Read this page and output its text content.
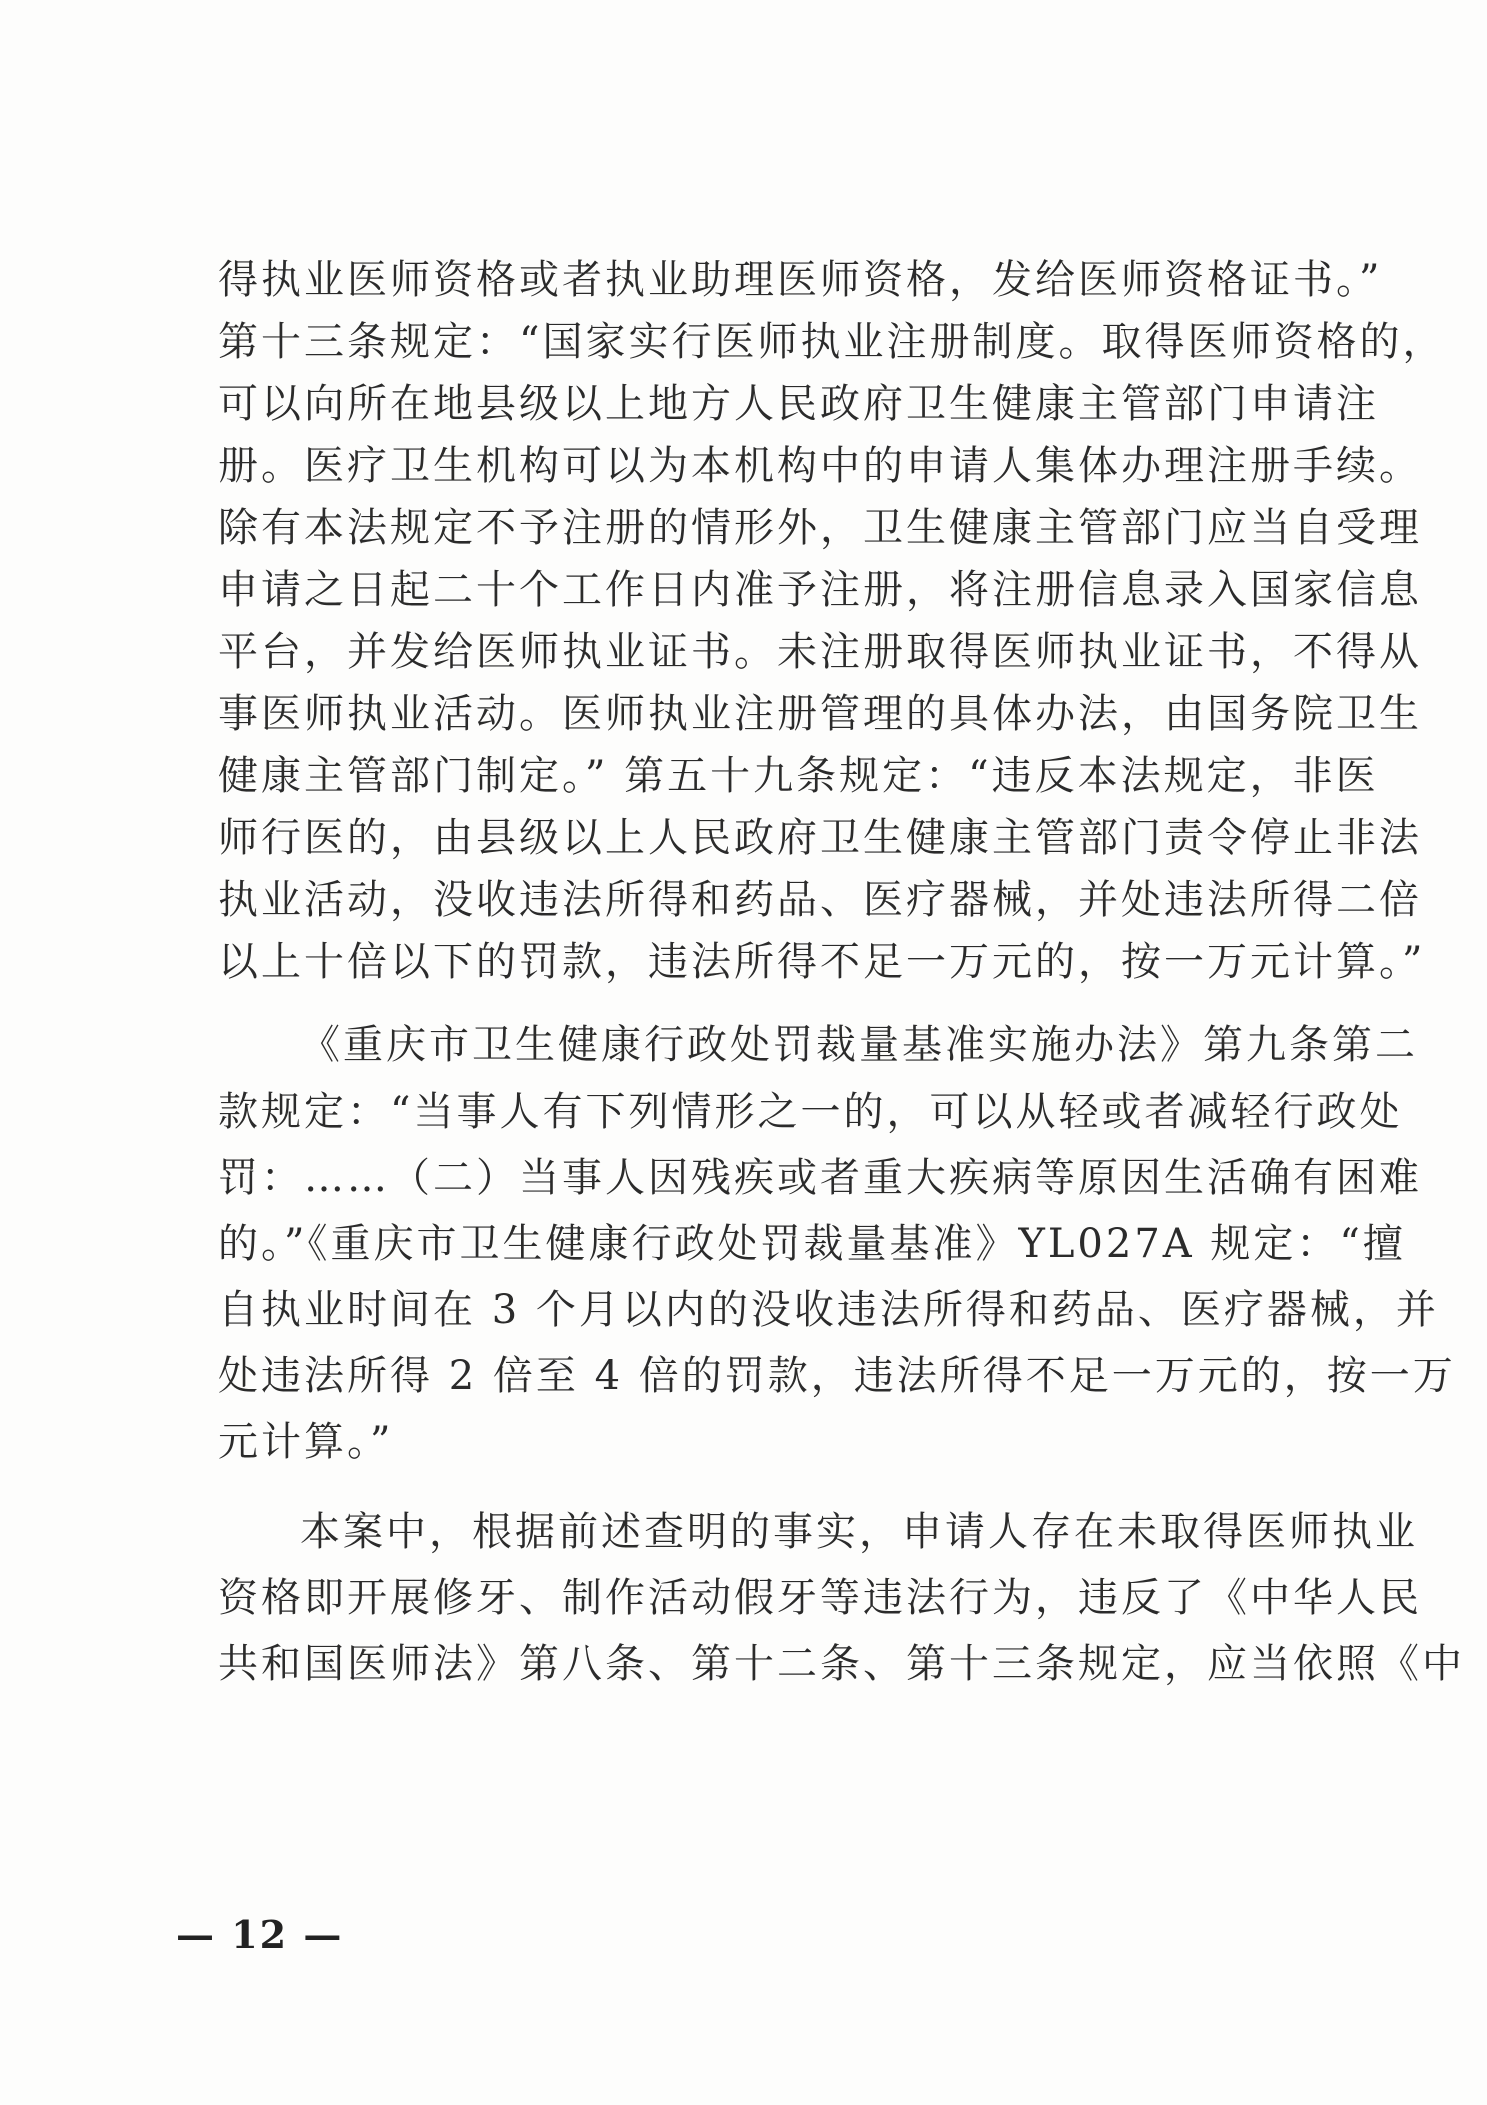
得执业医师资格或者执业助理医师资格，发给医师资格证书。”
第十三条规定：“国家实行医师执业注册制度。取得医师资格的，
可以向所在地县级以上地方人民政府卫生健康主管部门申请注
册。医疗卫生机构可以为本机构中的申请人集体办理注册手续。
除有本法规定不予注册的情形外，卫生健康主管部门应当自受理
申请之日起二十个工作日内准予注册，将注册信息录入国家信息
平台，并发给医师执业证书。未注册取得医师执业证书，不得从
事医师执业活动。医师执业注册管理的具体办法，由国务院卫生
健康主管部门制定。” 第五十九条规定：“违反本法规定，非医
师行医的，由县级以上人民政府卫生健康主管部门责令停止非法
执业活动，没收违法所得和药品、医疗器械，并处违法所得二倍
以上十倍以下的罚款，违法所得不足一万元的，按一万元计算。”
《重庆市卫生健康行政处罚裁量基准实施办法》第九条第二
款规定：“当事人有下列情形之一的，可以从轻或者减轻行政处
罚：……（二）当事人因残疾或者重大疾病等原因生活确有困难
的。”《重庆市卫生健康行政处罚裁量基准》YL027A 规定：“擅
自执业时间在 3 个月以内的没收违法所得和药品、医疗器械，并
处违法所得 2 倍至 4 倍的罚款，违法所得不足一万元的，按一万
元计算。”
本案中，根据前述查明的事实，申请人存在未取得医师执业
资格即开展修牙、制作活动假牙等违法行为，违反了《中华人民
共和国医师法》第八条、第十二条、第十三条规定，应当依照《中
— 12 —
